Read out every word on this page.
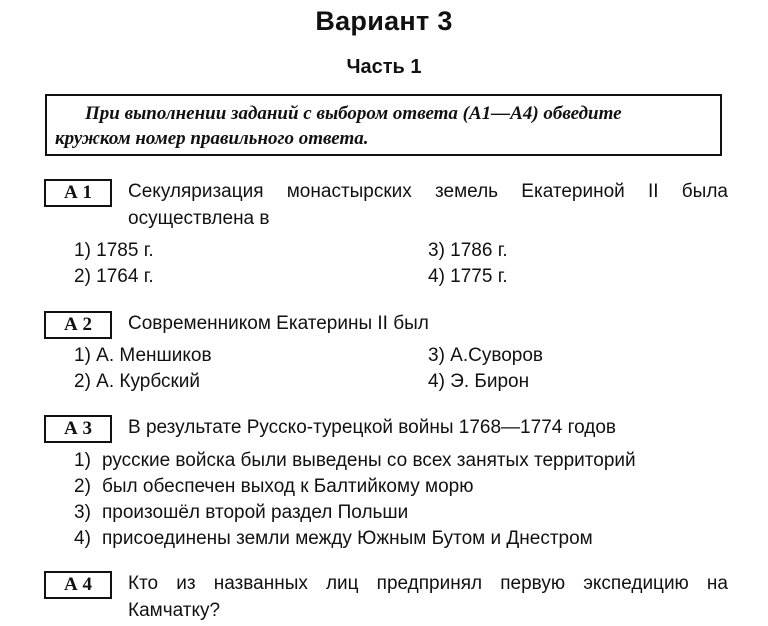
Вариант 3
Часть 1
При выполнении заданий с выбором ответа (А1—А4) обведите
кружком номер правильного ответа.
А 1	Секуляризация монастырских земель Екатериной II была осуществлена в
1) 1785 г.
2) 1764 г.
3) 1786 г.
4) 1775 г.
А 2	Современником Екатерины II был
1) А. Меншиков
2) А. Курбский
3) А.Суворов
4) Э. Бирон
А 3	В результате Русско-турецкой войны 1768—1774 годов
1) русские войска были выведены со всех занятых территорий
2) был обеспечен выход к Балтийкому морю
3) произошёл второй раздел Польши
4) присоединены земли между Южным Бутом и Днестром
А 4	Кто из названных лиц предпринял первую экспедицию на Камчатку?
